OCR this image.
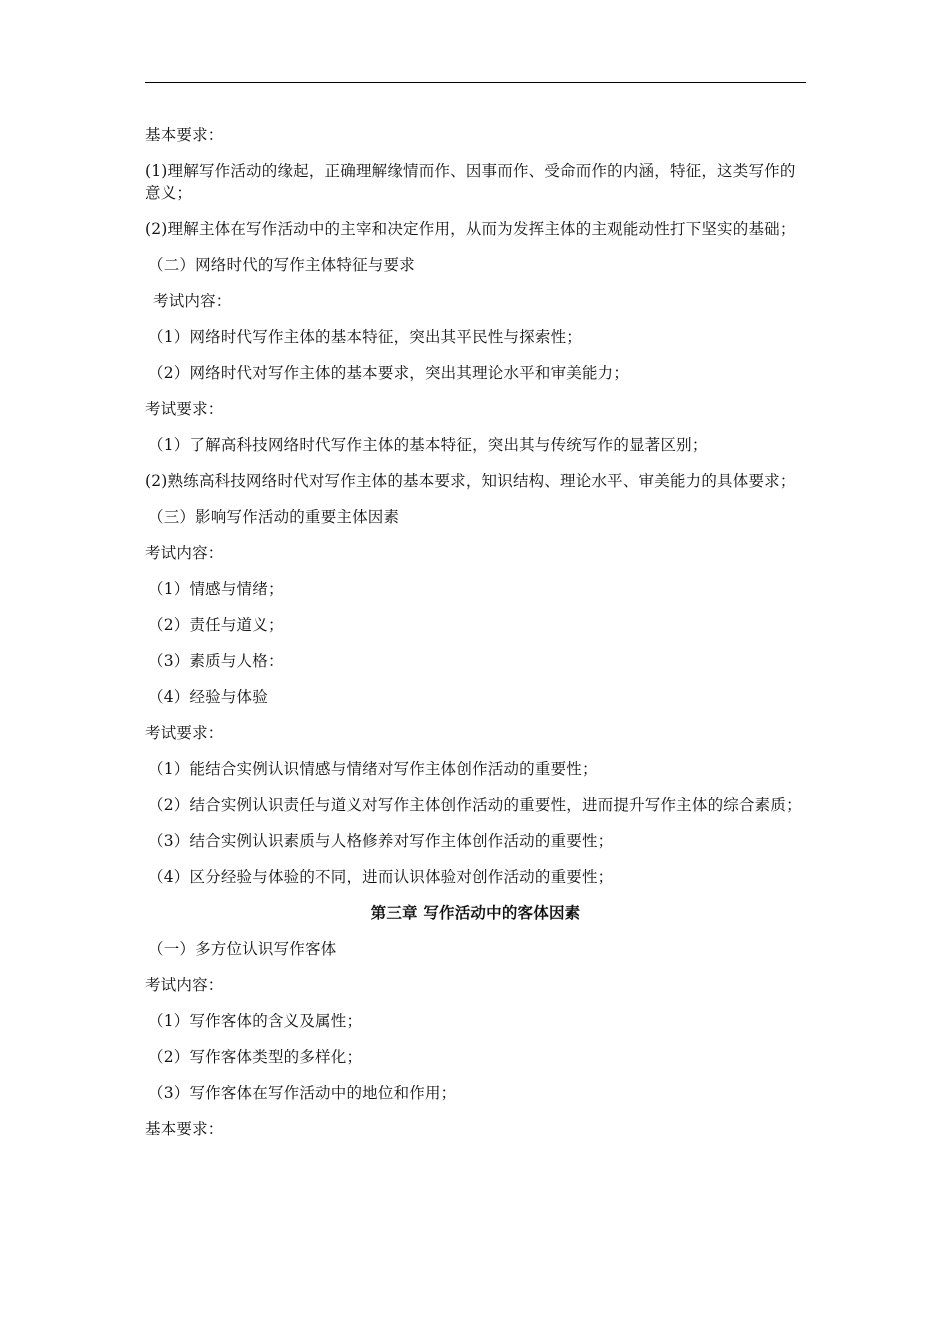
基本要求：

(1)理解写作活动的缘起，正确理解缘情而作、因事而作、受命而作的内涵，特征，这类写作的意义；

(2)理解主体在写作活动中的主宰和决定作用，从而为发挥主体的主观能动性打下坚实的基础；

（二）网络时代的写作主体特征与要求

考试内容：

（1）网络时代写作主体的基本特征，突出其平民性与探索性；

（2）网络时代对写作主体的基本要求，突出其理论水平和审美能力；

考试要求：

（1）了解高科技网络时代写作主体的基本特征，突出其与传统写作的显著区别；

(2)熟练高科技网络时代对写作主体的基本要求，知识结构、理论水平、审美能力的具体要求；

（三）影响写作活动的重要主体因素

考试内容：

（1）情感与情绪；

（2）责任与道义；

（3）素质与人格：

（4）经验与体验

考试要求：

（1）能结合实例认识情感与情绪对写作主体创作活动的重要性；

（2）结合实例认识责任与道义对写作主体创作活动的重要性，进而提升写作主体的综合素质；

（3）结合实例认识素质与人格修养对写作主体创作活动的重要性；

（4）区分经验与体验的不同，进而认识体验对创作活动的重要性；

第三章 写作活动中的客体因素

（一）多方位认识写作客体

考试内容：

（1）写作客体的含义及属性；

（2）写作客体类型的多样化；

（3）写作客体在写作活动中的地位和作用；

基本要求：
